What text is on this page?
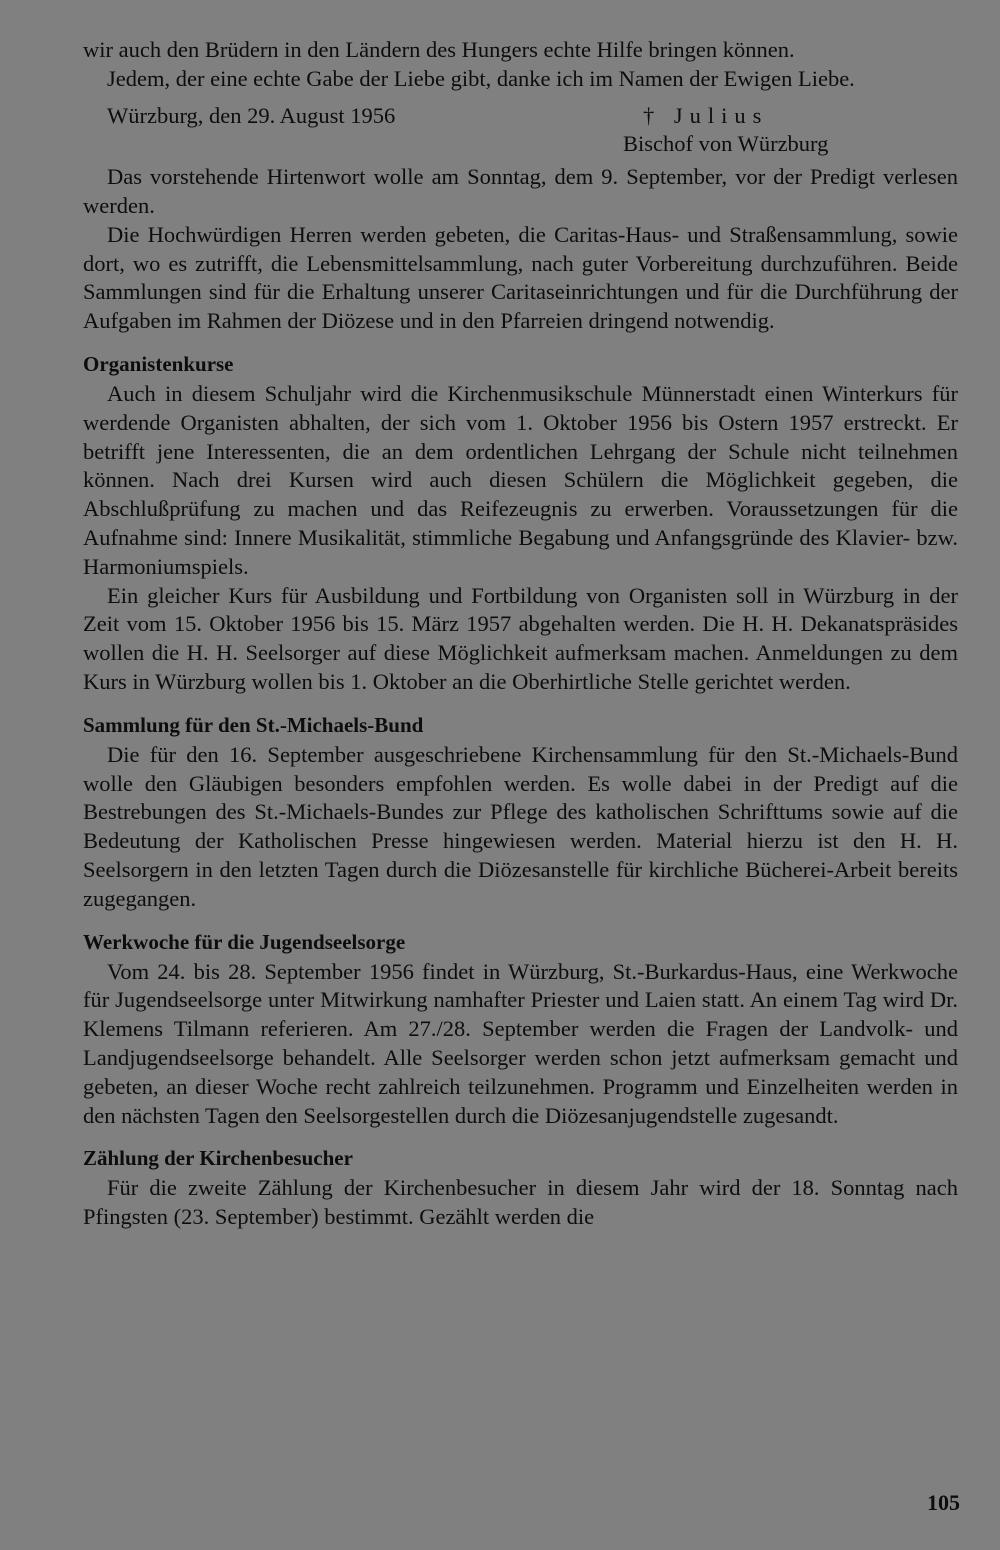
wir auch den Brüdern in den Ländern des Hungers echte Hilfe bringen können.

Jedem, der eine echte Gabe der Liebe gibt, danke ich im Namen der Ewigen Liebe.

Würzburg, den 29. August 1956	† Julius
Bischof von Würzburg

Das vorstehende Hirtenwort wolle am Sonntag, dem 9. September, vor der Predigt verlesen werden.

Die Hochwürdigen Herren werden gebeten, die Caritas-Haus- und Straßensammlung, sowie dort, wo es zutrifft, die Lebensmittelsammlung, nach guter Vorbereitung durchzuführen. Beide Sammlungen sind für die Erhaltung unserer Caritaseinrichtungen und für die Durchführung der Aufgaben im Rahmen der Diözese und in den Pfarreien dringend notwendig.

Organistenkurse

Auch in diesem Schuljahr wird die Kirchenmusikschule Münnerstadt einen Winterkurs für werdende Organisten abhalten, der sich vom 1. Oktober 1956 bis Ostern 1957 erstreckt. Er betrifft jene Interessenten, die an dem ordentlichen Lehrgang der Schule nicht teilnehmen können. Nach drei Kursen wird auch diesen Schülern die Möglichkeit gegeben, die Abschlußprüfung zu machen und das Reifezeugnis zu erwerben. Voraussetzungen für die Aufnahme sind: Innere Musikalität, stimmliche Begabung und Anfangsgründe des Klavier- bzw. Harmoniumspiels.

Ein gleicher Kurs für Ausbildung und Fortbildung von Organisten soll in Würzburg in der Zeit vom 15. Oktober 1956 bis 15. März 1957 abgehalten werden. Die H. H. Dekanatspräsides wollen die H. H. Seelsorger auf diese Möglichkeit aufmerksam machen. Anmeldungen zu dem Kurs in Würzburg wollen bis 1. Oktober an die Oberhirtliche Stelle gerichtet werden.

Sammlung für den St.-Michaels-Bund

Die für den 16. September ausgeschriebene Kirchensammlung für den St.-Michaels-Bund wolle den Gläubigen besonders empfohlen werden. Es wolle dabei in der Predigt auf die Bestrebungen des St.-Michaels-Bundes zur Pflege des katholischen Schrifttums sowie auf die Bedeutung der Katholischen Presse hingewiesen werden. Material hierzu ist den H. H. Seelsorgern in den letzten Tagen durch die Diözesanstelle für kirchliche Bücherei-Arbeit bereits zugegangen.

Werkwoche für die Jugendseelsorge

Vom 24. bis 28. September 1956 findet in Würzburg, St.-Burkardus-Haus, eine Werkwoche für Jugendseelsorge unter Mitwirkung namhafter Priester und Laien statt. An einem Tag wird Dr. Klemens Tilmann referieren. Am 27./28. September werden die Fragen der Landvolk- und Landjugendseelsorge behandelt. Alle Seelsorger werden schon jetzt aufmerksam gemacht und gebeten, an dieser Woche recht zahlreich teilzunehmen. Programm und Einzelheiten werden in den nächsten Tagen den Seelsorgestellen durch die Diözesanjugendstelle zugesandt.

Zählung der Kirchenbesucher

Für die zweite Zählung der Kirchenbesucher in diesem Jahr wird der 18. Sonntag nach Pfingsten (23. September) bestimmt. Gezählt werden die

105
